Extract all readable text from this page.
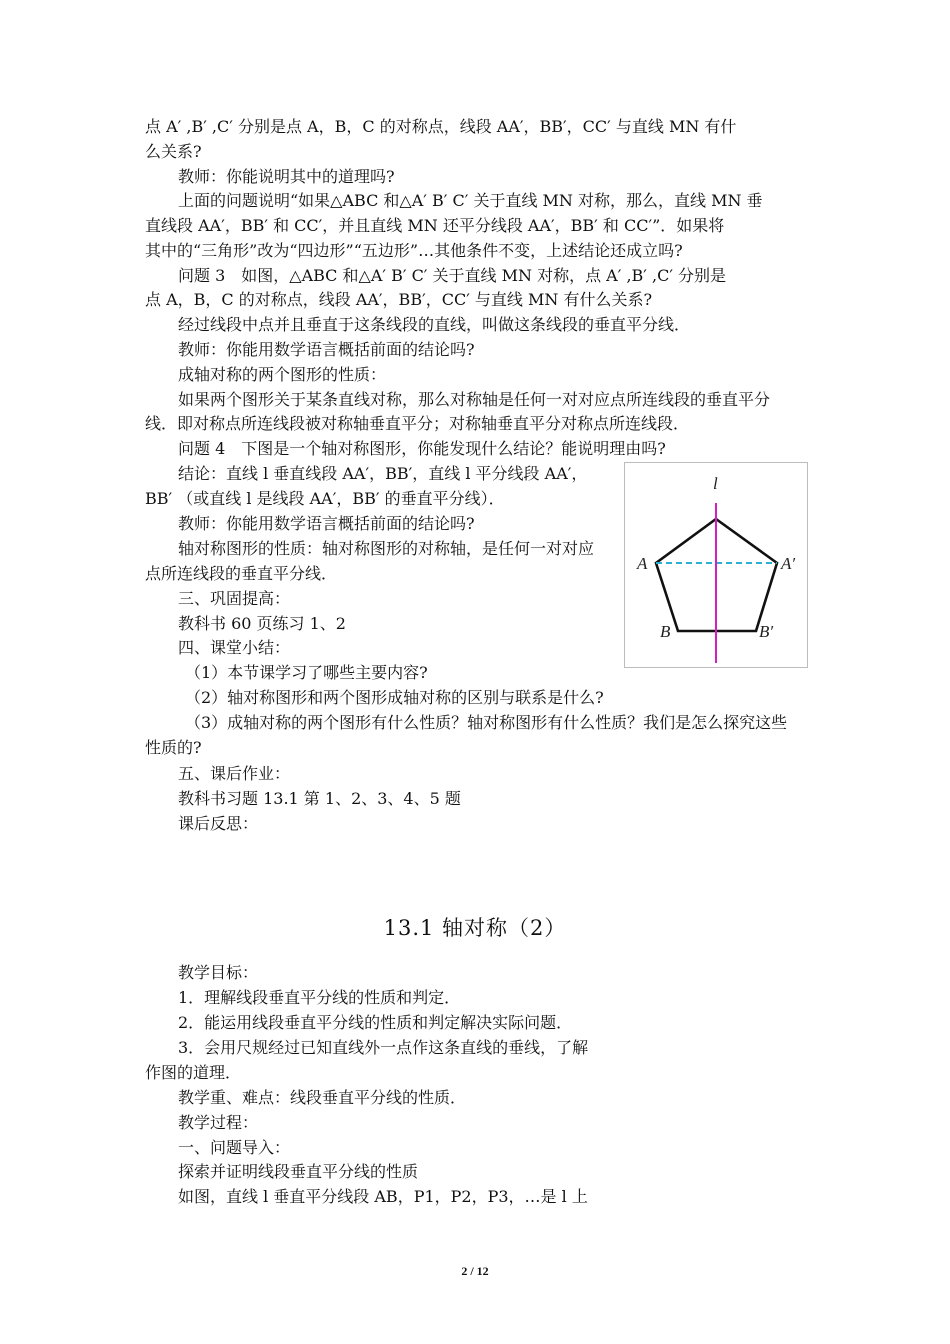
点 A′ ,B′ ,C′ 分别是点 A，B，C 的对称点，线段 AA′，BB′，CC′ 与直线 MN 有什
么关系?
教师：你能说明其中的道理吗?
上面的问题说明“如果△ABC 和△A′ B′ C′ 关于直线 MN 对称，那么，直线 MN 垂
直线段 AA′，BB′ 和 CC′，并且直线 MN 还平分线段 AA′，BB′ 和 CC′”．如果将
其中的“三角形”改为“四边形”“五边形”…其他条件不变，上述结论还成立吗?
问题 3　如图，△ABC 和△A′ B′ C′ 关于直线 MN 对称，点 A′ ,B′ ,C′ 分别是
点 A，B，C 的对称点，线段 AA′，BB′，CC′ 与直线 MN 有什么关系?
经过线段中点并且垂直于这条线段的直线，叫做这条线段的垂直平分线．
教师：你能用数学语言概括前面的结论吗?
成轴对称的两个图形的性质：
如果两个图形关于某条直线对称，那么对称轴是任何一对对应点所连线段的垂直平分
线．即对称点所连线段被对称轴垂直平分；对称轴垂直平分对称点所连线段．
问题 4　下图是一个轴对称图形，你能发现什么结论？能说明理由吗?
结论：直线 l 垂直线段 AA′，BB′，直线 l 平分线段 AA′，
BB′ （或直线 l 是线段 AA′，BB′ 的垂直平分线）．
教师：你能用数学语言概括前面的结论吗?
轴对称图形的性质：轴对称图形的对称轴，是任何一对对应
点所连线段的垂直平分线．
三、巩固提高：
教科书 60 页练习 1、2
四、课堂小结：
（1）本节课学习了哪些主要内容?
（2）轴对称图形和两个图形成轴对称的区别与联系是什么?
（3）成轴对称的两个图形有什么性质？轴对称图形有什么性质？我们是怎么探究这些
性质的?
五、课后作业：
教科书习题 13.1 第 1、2、3、4、5 题
课后反思：
l
A	A′
B	B′
13.1 轴对称（2）
教学目标：
1．理解线段垂直平分线的性质和判定．
2．能运用线段垂直平分线的性质和判定解决实际问题．
3．会用尺规经过已知直线外一点作这条直线的垂线，了解
作图的道理．
教学重、难点：线段垂直平分线的性质．
教学过程：
一、问题导入：
探索并证明线段垂直平分线的性质
如图，直线 l 垂直平分线段 AB，P1，P2，P3，…是 l 上
2 / 12
